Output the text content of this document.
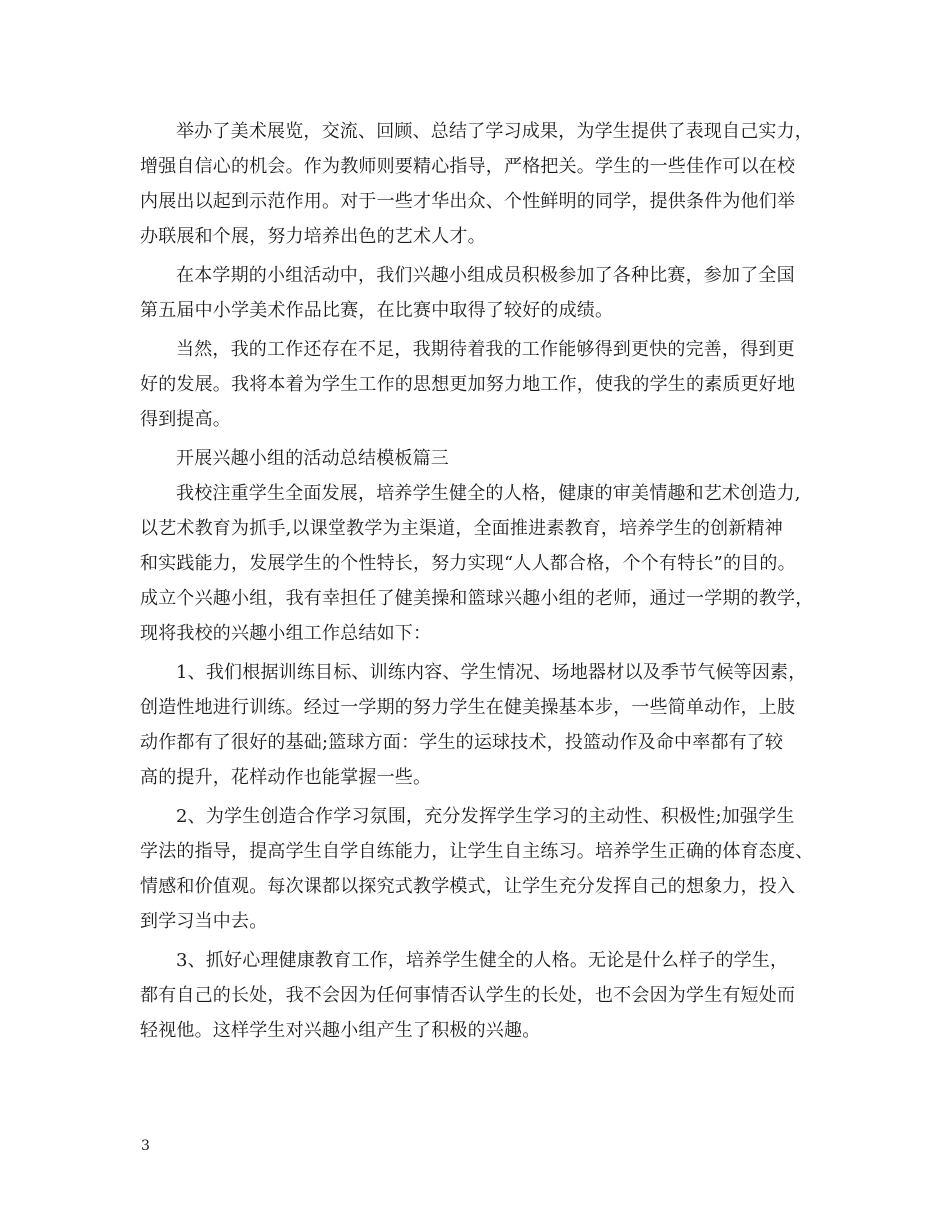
举办了美术展览，交流、回顾、总结了学习成果，为学生提供了表现自己实力，
增强自信心的机会。作为教师则要精心指导，严格把关。学生的一些佳作可以在校
内展出以起到示范作用。对于一些才华出众、个性鲜明的同学，提供条件为他们举
办联展和个展，努力培养出色的艺术人才。
在本学期的小组活动中，我们兴趣小组成员积极参加了各种比赛，参加了全国
第五届中小学美术作品比赛，在比赛中取得了较好的成绩。
当然，我的工作还存在不足，我期待着我的工作能够得到更快的完善，得到更
好的发展。我将本着为学生工作的思想更加努力地工作，使我的学生的素质更好地
得到提高。
开展兴趣小组的活动总结模板篇三
我校注重学生全面发展，培养学生健全的人格，健康的审美情趣和艺术创造力,
以艺术教育为抓手,以课堂教学为主渠道，全面推进素教育，培养学生的创新精神
和实践能力，发展学生的个性特长，努力实现“人人都合格，个个有特长”的目的。
成立个兴趣小组，我有幸担任了健美操和篮球兴趣小组的老师，通过一学期的教学，
现将我校的兴趣小组工作总结如下：
1、我们根据训练目标、训练内容、学生情况、场地器材以及季节气候等因素，
创造性地进行训练。经过一学期的努力学生在健美操基本步，一些简单动作，上肢
动作都有了很好的基础;篮球方面：学生的运球技术，投篮动作及命中率都有了较
高的提升，花样动作也能掌握一些。
2、为学生创造合作学习氛围，充分发挥学生学习的主动性、积极性;加强学生
学法的指导，提高学生自学自练能力，让学生自主练习。培养学生正确的体育态度、
情感和价值观。每次课都以探究式教学模式，让学生充分发挥自己的想象力，投入
到学习当中去。
3、抓好心理健康教育工作，培养学生健全的人格。无论是什么样子的学生，
都有自己的长处，我不会因为任何事情否认学生的长处，也不会因为学生有短处而
轻视他。这样学生对兴趣小组产生了积极的兴趣。
3
